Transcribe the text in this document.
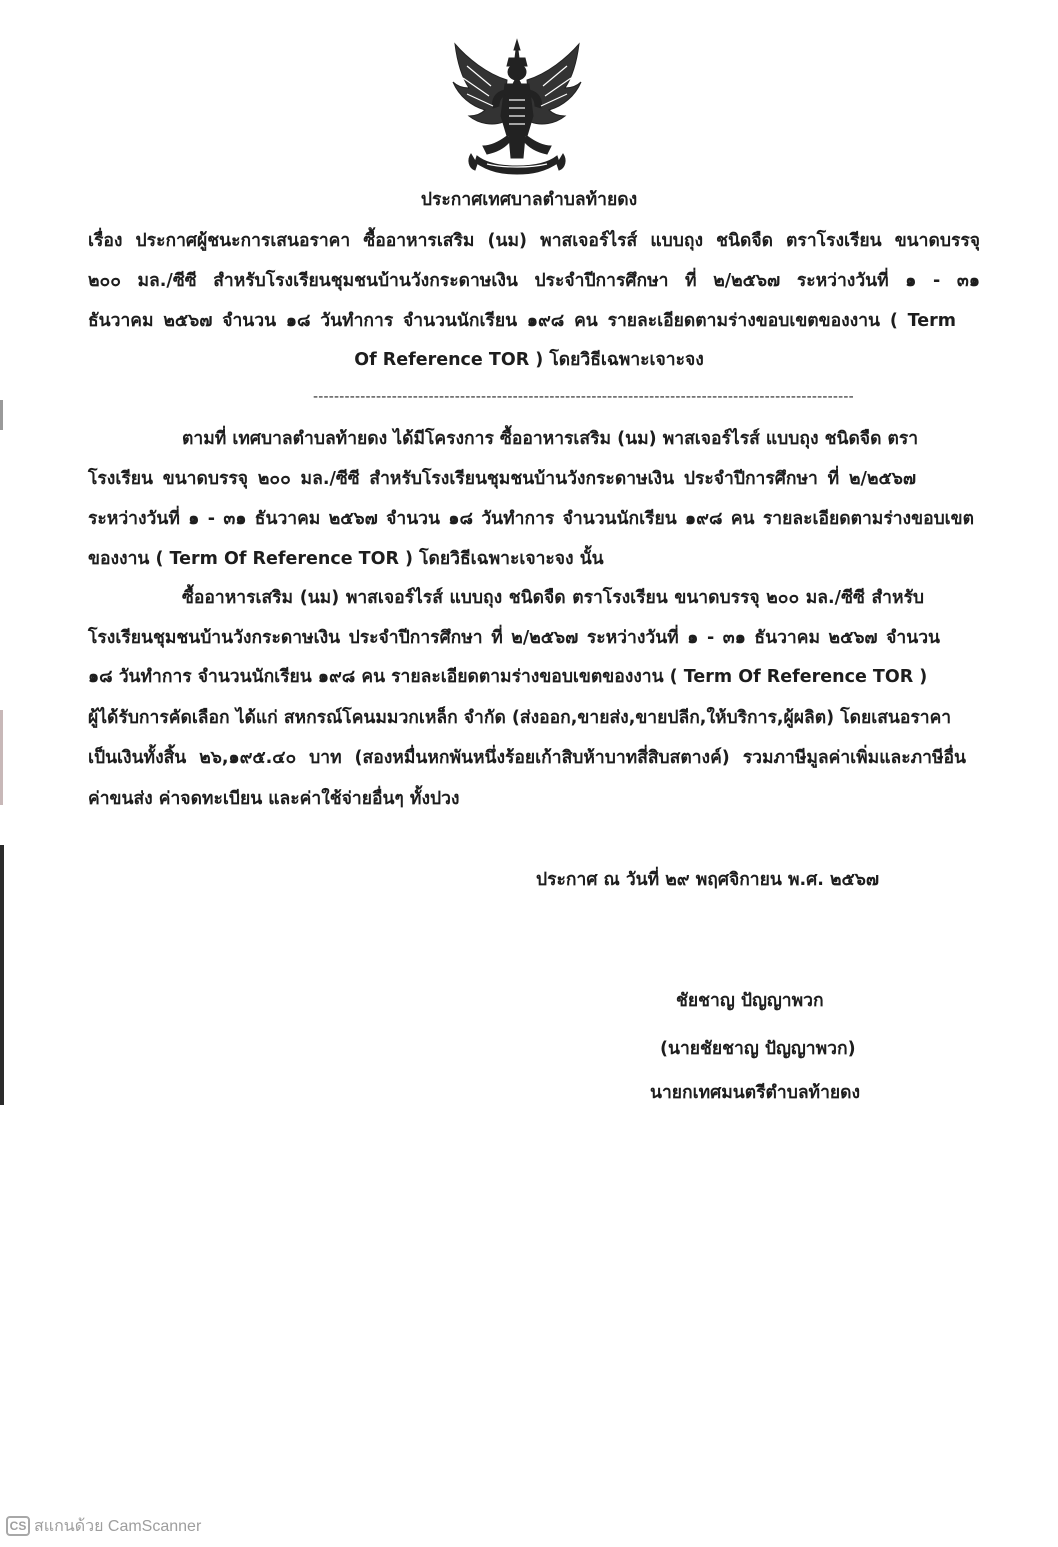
ประกาศเทศบาลตำบลท้ายดง
เรื่อง ประกาศผู้ชนะการเสนอราคา ซื้ออาหารเสริม (นม) พาสเจอร์ไรส์ แบบถุง ชนิดจืด ตราโรงเรียน ขนาดบรรจุ
๒๐๐ มล./ซีซี สำหรับโรงเรียนชุมชนบ้านวังกระดาษเงิน ประจำปีการศึกษา ที่ ๒/๒๕๖๗ ระหว่างวันที่ ๑ - ๓๑
ธันวาคม ๒๕๖๗ จำนวน ๑๘ วันทำการ จำนวนนักเรียน ๑๙๘ คน รายละเอียดตามร่างขอบเขตของงาน ( Term
Of Reference TOR ) โดยวิธีเฉพาะเจาะจง
-------------------------------------------------------------------------------------------------------
ตามที่ เทศบาลตำบลท้ายดง ได้มีโครงการ ซื้ออาหารเสริม (นม) พาสเจอร์ไรส์ แบบถุง ชนิดจืด ตรา
โรงเรียน ขนาดบรรจุ ๒๐๐ มล./ซีซี สำหรับโรงเรียนชุมชนบ้านวังกระดาษเงิน ประจำปีการศึกษา ที่ ๒/๒๕๖๗
ระหว่างวันที่ ๑ - ๓๑ ธันวาคม ๒๕๖๗ จำนวน ๑๘ วันทำการ จำนวนนักเรียน ๑๙๘ คน รายละเอียดตามร่างขอบเขต
ของงาน ( Term Of Reference TOR ) โดยวิธีเฉพาะเจาะจง นั้น
ซื้ออาหารเสริม (นม) พาสเจอร์ไรส์ แบบถุง ชนิดจืด ตราโรงเรียน ขนาดบรรจุ ๒๐๐ มล./ซีซี สำหรับ
โรงเรียนชุมชนบ้านวังกระดาษเงิน ประจำปีการศึกษา ที่ ๒/๒๕๖๗ ระหว่างวันที่ ๑ - ๓๑ ธันวาคม ๒๕๖๗ จำนวน
๑๘ วันทำการ จำนวนนักเรียน ๑๙๘ คน รายละเอียดตามร่างขอบเขตของงาน ( Term Of Reference TOR )
ผู้ได้รับการคัดเลือก ได้แก่ สหกรณ์โคนมมวกเหล็ก จำกัด (ส่งออก,ขายส่ง,ขายปลีก,ให้บริการ,ผู้ผลิต) โดยเสนอราคา
เป็นเงินทั้งสิ้น ๒๖,๑๙๕.๔๐ บาท (สองหมื่นหกพันหนึ่งร้อยเก้าสิบห้าบาทสี่สิบสตางค์) รวมภาษีมูลค่าเพิ่มและภาษีอื่น
ค่าขนส่ง ค่าจดทะเบียน และค่าใช้จ่ายอื่นๆ ทั้งปวง
ประกาศ ณ วันที่ ๒๙ พฤศจิกายน พ.ศ. ๒๕๖๗
ชัยชาญ ปัญญาพวก
(นายชัยชาญ ปัญญาพวก)
นายกเทศมนตรีตำบลท้ายดง
CS สแกนด้วย CamScanner
